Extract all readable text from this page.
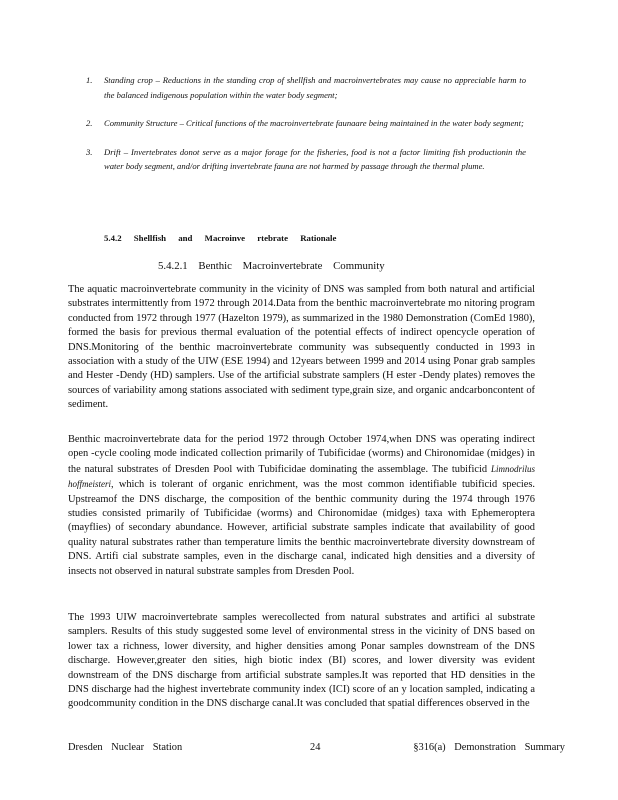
1. Standing crop – Reductions in the standing crop of shellfish and macroinvertebrates may cause no appreciable harm to the balanced indigenous population within the water body segment;
2. Community Structure – Critical functions of the macroinvertebrate faunaare being maintained in the water body segment;
3. Drift – Invertebrates donot serve as a major forage for the fisheries, food is not a factor limiting fish productionin the water body segment, and/or drifting invertebrate fauna are not harmed by passage through the thermal plume.
5.4.2 Shellfish and Macroinve rtebrate Rationale
5.4.2.1 Benthic Macroinvertebrate Community

The aquatic macroinvertebrate community in the vicinity of DNS was sampled from both natural and artificial substrates intermittently from 1972 through 2014.Data from the benthic macroinvertebrate mo nitoring program conducted from 1972 through 1977 (Hazelton 1979), as summarized in the 1980 Demonstration (ComEd 1980), formed the basis for previous thermal evaluation of the potential effects of indirect opencycle operation of DNS.Monitoring of the benthic macroinvertebrate community was subsequently conducted in 1993 in association with a study of the UIW (ESE 1994) and 12years between 1999 and 2014 using Ponar grab samples and Hester -Dendy (HD) samplers. Use of the artificial substrate samplers (H ester -Dendy plates) removes the sources of variability among stations associated with sediment type,grain size, and organic andcarboncontent of sediment.

Benthic macroinvertebrate data for the period 1972 through October 1974,when DNS was operating indirect open -cycle cooling mode indicated collection primarily of Tubificidae (worms) and Chironomidae (midges) in the natural substrates of Dresden Pool with Tubificidae dominating the assemblage. The tubificid Limnodrilus hoffmeisteri, which is tolerant of organic enrichment, was the most common identifiable tubificid species. Upstreamof the DNS discharge, the composition of the benthic community during the 1974 through 1976 studies consisted primarily of Tubificidae (worms) and Chironomidae (midges) taxa with Ephemeroptera (mayflies) of secondary abundance. However, artificial substrate samples indicate that availability of good quality natural substrates rather than temperature limits the benthic macroinvertebrate diversity downstream of DNS. Artifi cial substrate samples, even in the discharge canal, indicated high densities and a diversity of insects not observed in natural substrate samples from Dresden Pool.

The 1993 UIW macroinvertebrate samples werecollected from natural substrates and artifici al substrate samplers. Results of this study suggested some level of environmental stress in the vicinity of DNS based on lower tax a richness, lower diversity, and higher densities among Ponar samples downstream of the DNS discharge. However,greater den sities, high biotic index (BI) scores, and lower diversity was evident downstream of the DNS discharge from artificial substrate samples.It was reported that HD densities in the DNS discharge had the highest invertebrate community index (ICI) score of an y location sampled, indicating a goodcommunity condition in the DNS discharge canal.It was concluded that spatial differences observed in the

Dresden Nuclear Station	24	§316(a) Demonstration Summary
